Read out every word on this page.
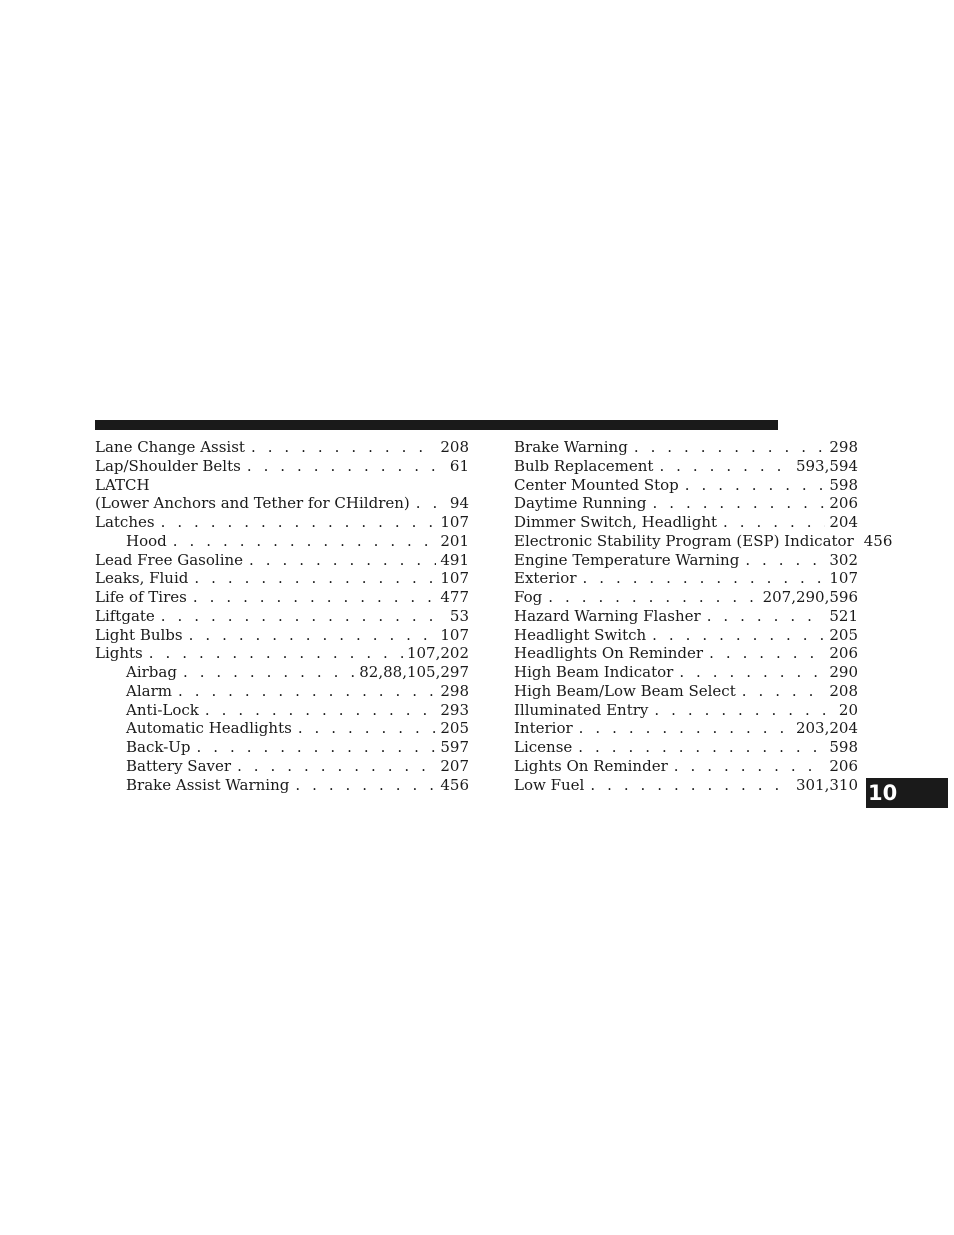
Lane Change Assist . . .	208
Lap/Shoulder Belts . . .	61
LATCH
(Lower Anchors and Tether for CHildren) . . .	94
Latches . . .	107
Hood . . .	201
Lead Free Gasoline . . .	491
Leaks, Fluid . . .	107
Life of Tires . . .	477
Liftgate . . .	53
Light Bulbs . . .	107
Lights . . .	107,202
Airbag . . .	82,88,105,297
Alarm . . .	298
Anti-Lock . . .	293
Automatic Headlights . . .	205
Back-Up . . .	597
Battery Saver . . .	207
Brake Assist Warning . . .	456
Brake Warning . . .	298
Bulb Replacement . . .	593,594
Center Mounted Stop . . .	598
Daytime Running . . .	206
Dimmer Switch, Headlight . . .	204
Electronic Stability Program (ESP) Indicator 456
Engine Temperature Warning . . .	302
Exterior . . .	107
Fog . . .	207,290,596
Hazard Warning Flasher . . .	521
Headlight Switch . . .	205
Headlights On Reminder . . .	206
High Beam Indicator . . .	290
High Beam/Low Beam Select . . .	208
Illuminated Entry . . .	20
Interior . . .	203,204
License . . .	598
Lights On Reminder . . .	206
Low Fuel . . .	301,310 10
